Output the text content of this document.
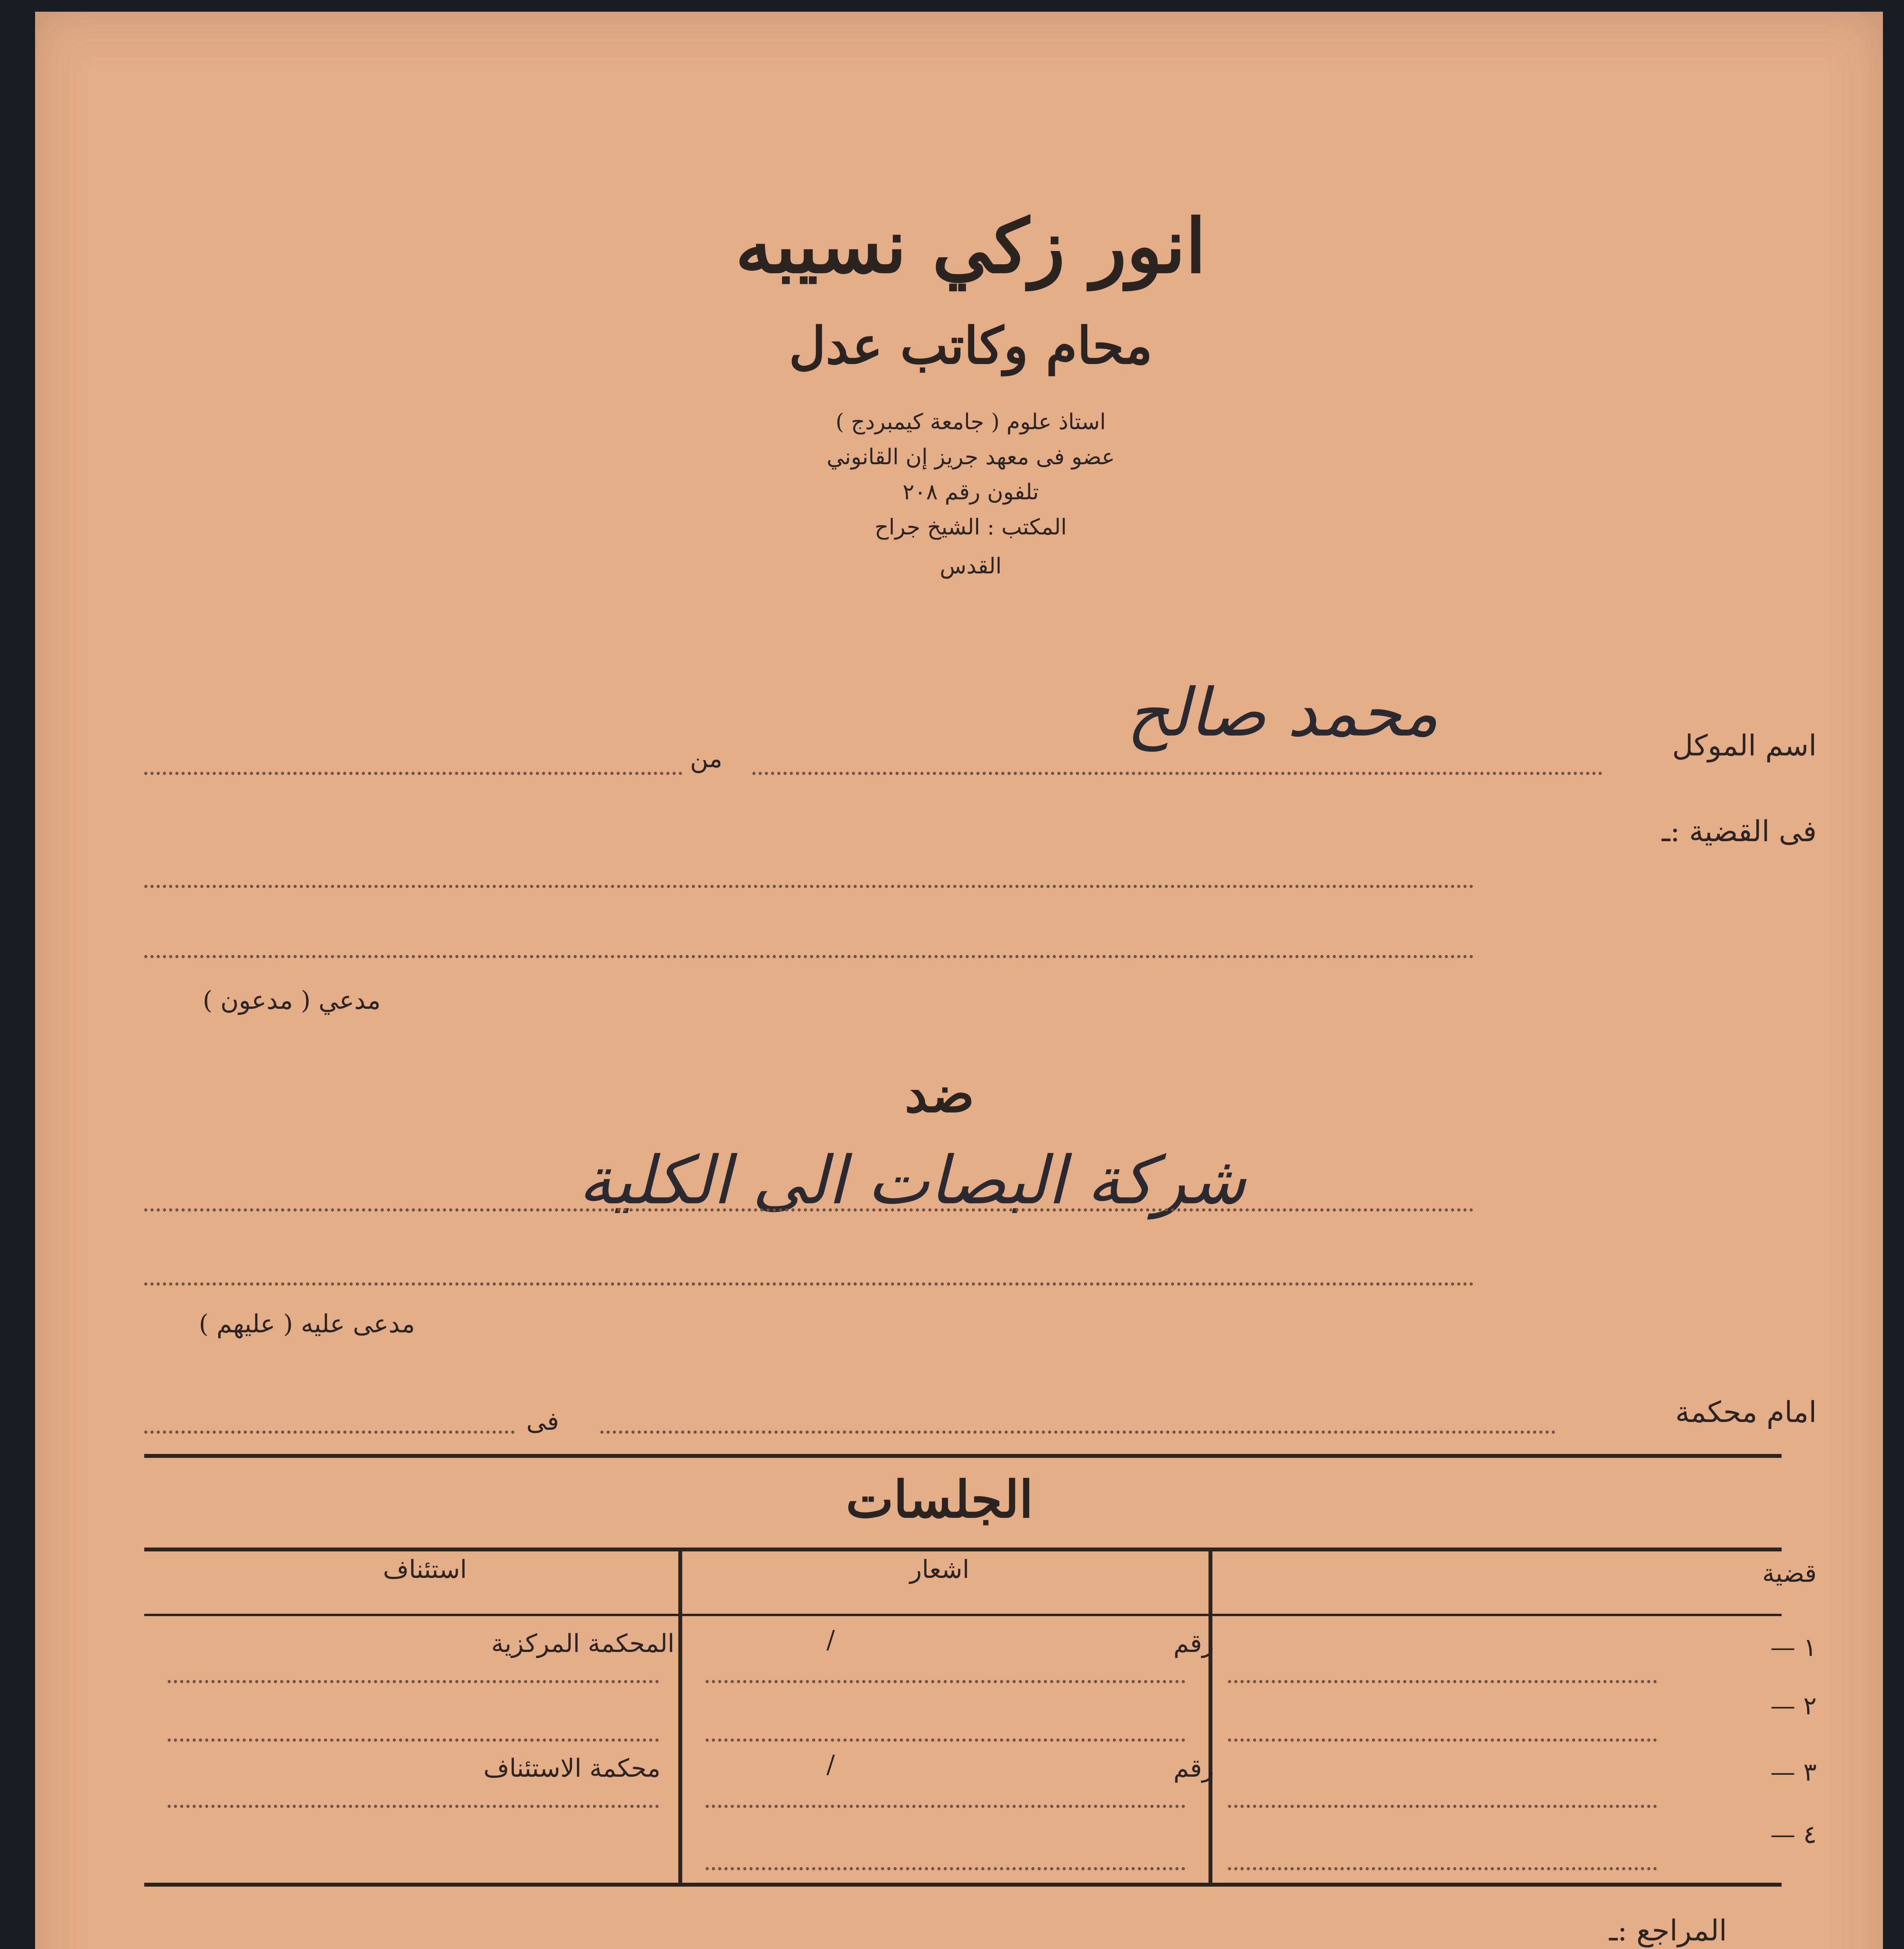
انور زكي نسيبه
محام وكاتب عدل
استاذ علوم ( جامعة كيمبردج )
عضو فى معهد جريز إن القانوني
تلفون رقم ٢٠٨
المكتب : الشيخ جراح
القدس
اسم الموكل
محمد صالح
من
فى القضية :ـ
مدعي ( مدعون )
ضد
شركة البصات الى الكلية
مدعى عليه ( عليهم )
امام محكمة
فى
الجلسات
قضية
اشعار
استئناف
١ —
٢ —
٣ —
٤ —
رقم
/
رقم
/
المحكمة المركزية
محكمة الاستئناف
المراجع :ـ
